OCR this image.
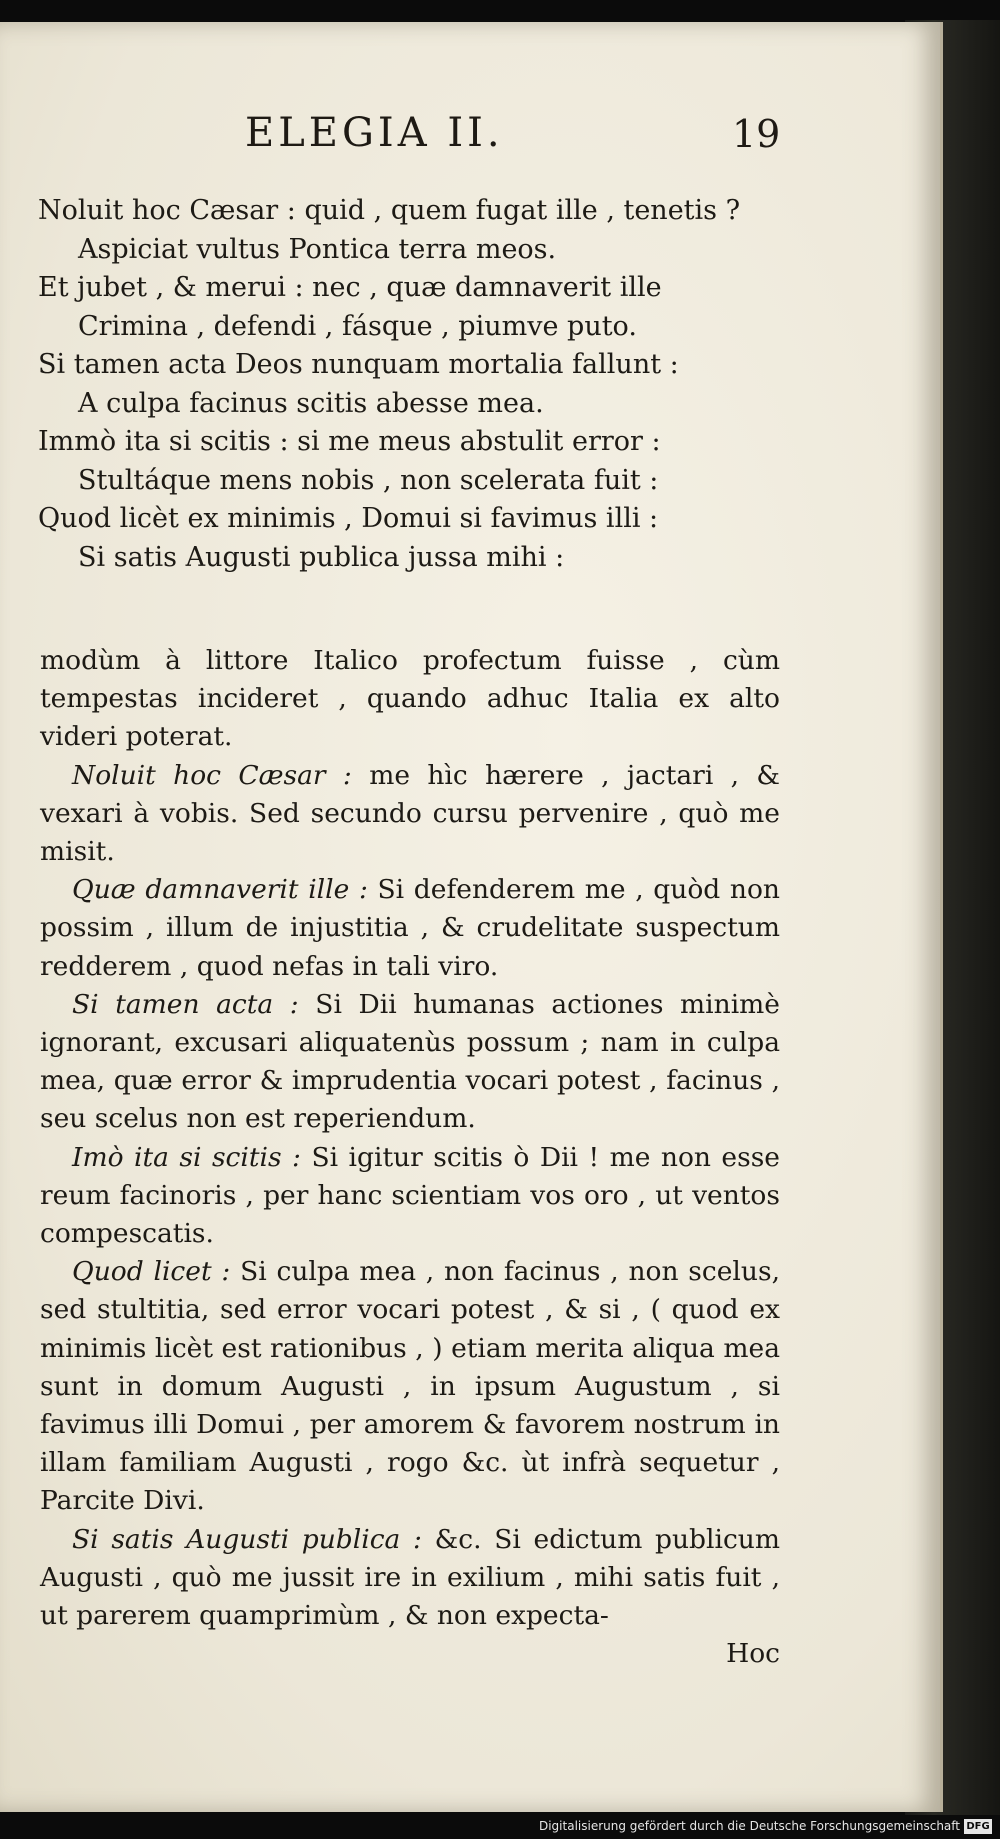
ELEGIA II.	19
Noluit hoc Cæsar : quid , quem fugat ille , tenetis ?
Aspiciat vultus Pontica terra meos.
Et jubet , & merui : nec , quæ damnaverit ille
Crimina , defendi , fásque , piumve puto.
Si tamen acta Deos nunquam mortalia fallunt :
A culpa facinus scitis abesse mea.
Immò ita si scitis : si me meus abstulit error :
Stultáque mens nobis , non scelerata fuit :
Quod licèt ex minimis , Domui si favimus illi :
Si satis Augusti publica jussa mihi :

modùm à littore Italico profectum fuisse , cùm tempestas incideret , quando adhuc Italia ex alto videri poterat.

Noluit hoc Cæsar : me hìc hærere , jactari , & vexari à vobis. Sed secundo cursu pervenire , quò me misit.

Quæ damnaverit ille : Si defenderem me , quòd non possim , illum de injustitia , & crudelitate suspectum redderem , quod nefas in tali viro.

Si tamen acta : Si Dii humanas actiones minimè ignorant, excusari aliquatenùs possum ; nam in culpa mea, quæ error & imprudentia vocari potest , facinus , seu scelus non est reperiendum.

Imò ita si scitis : Si igitur scitis ò Dii ! me non esse reum facinoris , per hanc scientiam vos oro , ut ventos compescatis.

Quod licet : Si culpa mea , non facinus , non scelus, sed stultitia, sed error vocari potest , & si , ( quod ex minimis licèt est rationibus , ) etiam merita aliqua mea sunt in domum Augusti , in ipsum Augustum , si favimus illi Domui , per amorem & favorem nostrum in illam familiam Augusti , rogo &c. ùt infrà sequetur , Parcite Divi.

Si satis Augusti publica : &c. Si edictum publicum Augusti , quò me jussit ire in exilium , mihi satis fuit , ut parerem quamprimùm , & non expecta-

Hoc

Digitalisierung gefördert durch die Deutsche Forschungsgemeinschaft DFG
